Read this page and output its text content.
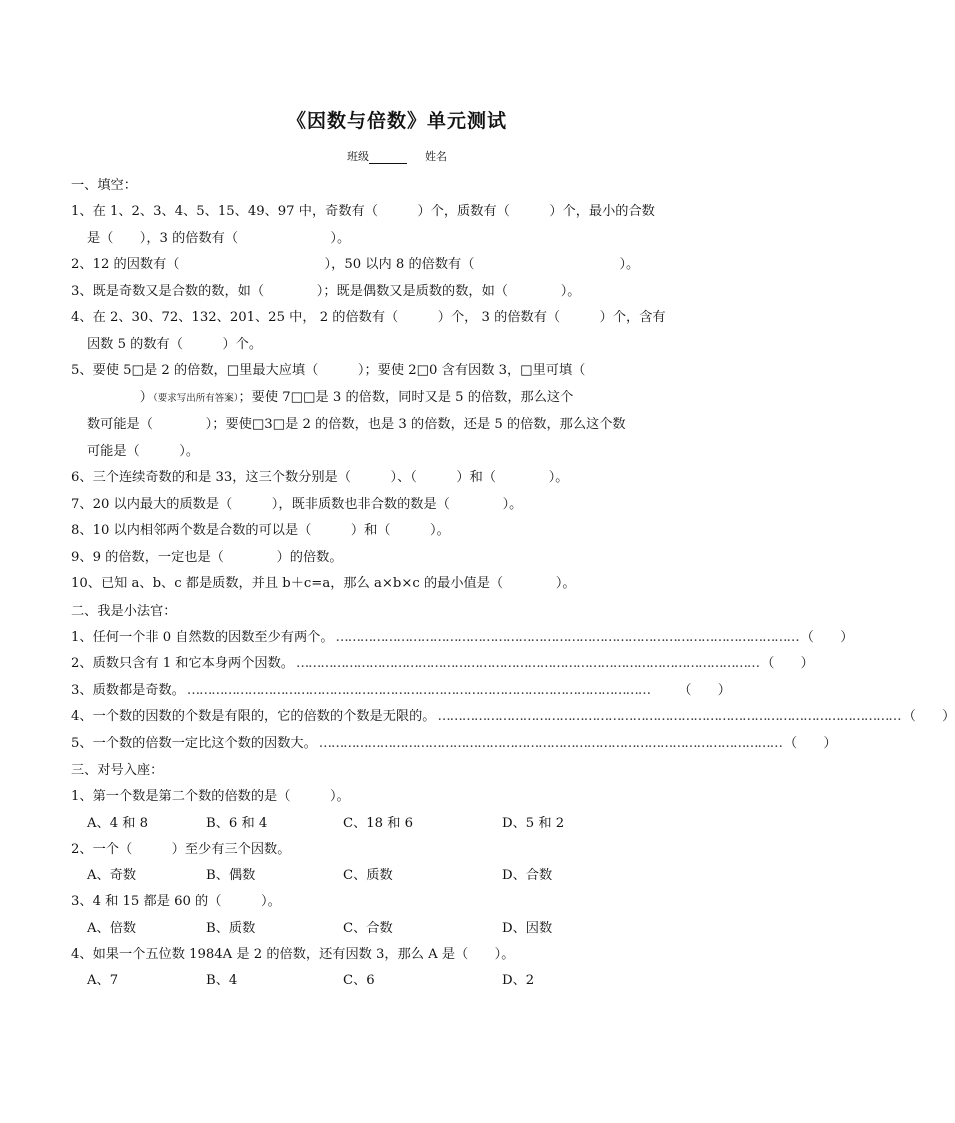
《因数与倍数》单元测试
班级	姓名
一、填空：
1、在 1、2、3、4、5、15、49、97 中，奇数有（　　　）个，质数有（　　　）个，最小的合数
是（　　），3 的倍数有（　　　　　　　）。
2、12 的因数有（　　　　　　　　　　　），50 以内 8 的倍数有（　　　　　　　　　　　）。
3、既是奇数又是合数的数，如（　　　　）；既是偶数又是质数的数，如（　　　　）。
4、在 2、30、72、132、201、25 中， 2 的倍数有（　　　）个， 3 的倍数有（　　　）个，含有
因数 5 的数有（　　　）个。
5、要使 5□是 2 的倍数，□里最大应填（　　　）；要使 2□0 含有因数 3，□里可填（
　　　　）（要求写出所有答案）；要使 7□□是 3 的倍数，同时又是 5 的倍数，那么这个
数可能是（　　　　）；要使□3□是 2 的倍数，也是 3 的倍数，还是 5 的倍数，那么这个数
可能是（　　　）。
6、三个连续奇数的和是 33，这三个数分别是（　　　）、（　　　）和（　　　　）。
7、20 以内最大的质数是（　　　），既非质数也非合数的数是（　　　　）。
8、10 以内相邻两个数是合数的可以是（　　　）和（　　　）。
9、9 的倍数，一定也是（　　　　）的倍数。
10、已知 a、b、c 都是质数，并且 b＋c=a，那么 a×b×c 的最小值是（　　　　）。
二、我是小法官：
1、任何一个非 0 自然数的因数至少有两个。 …………………………………………………………………………………………………… （　　）
2、质数只含有 1 和它本身两个因数。 …………………………………………………………………………………………………… （　　）
3、质数都是奇数。 ……………………………………………………………………………………………………	（　　）
4、一个数的因数的个数是有限的，它的倍数的个数是无限的。 …………………………………………………………………………………………………… （　　）
5、一个数的倍数一定比这个数的因数大。 …………………………………………………………………………………………………… （　　）
三、对号入座：
1、第一个数是第二个数的倍数的是（　　　）。
A、4 和 8	B、6 和 4	C、18 和 6	D、5 和 2
2、一个（　　　）至少有三个因数。
A、奇数	B、偶数	C、质数	D、合数
3、4 和 15 都是 60 的（　　　）。
A、倍数	B、质数	C、合数	D、因数
4、如果一个五位数 1984A 是 2 的倍数，还有因数 3，那么 A 是（　　）。
A、7	B、4	C、6	D、2
